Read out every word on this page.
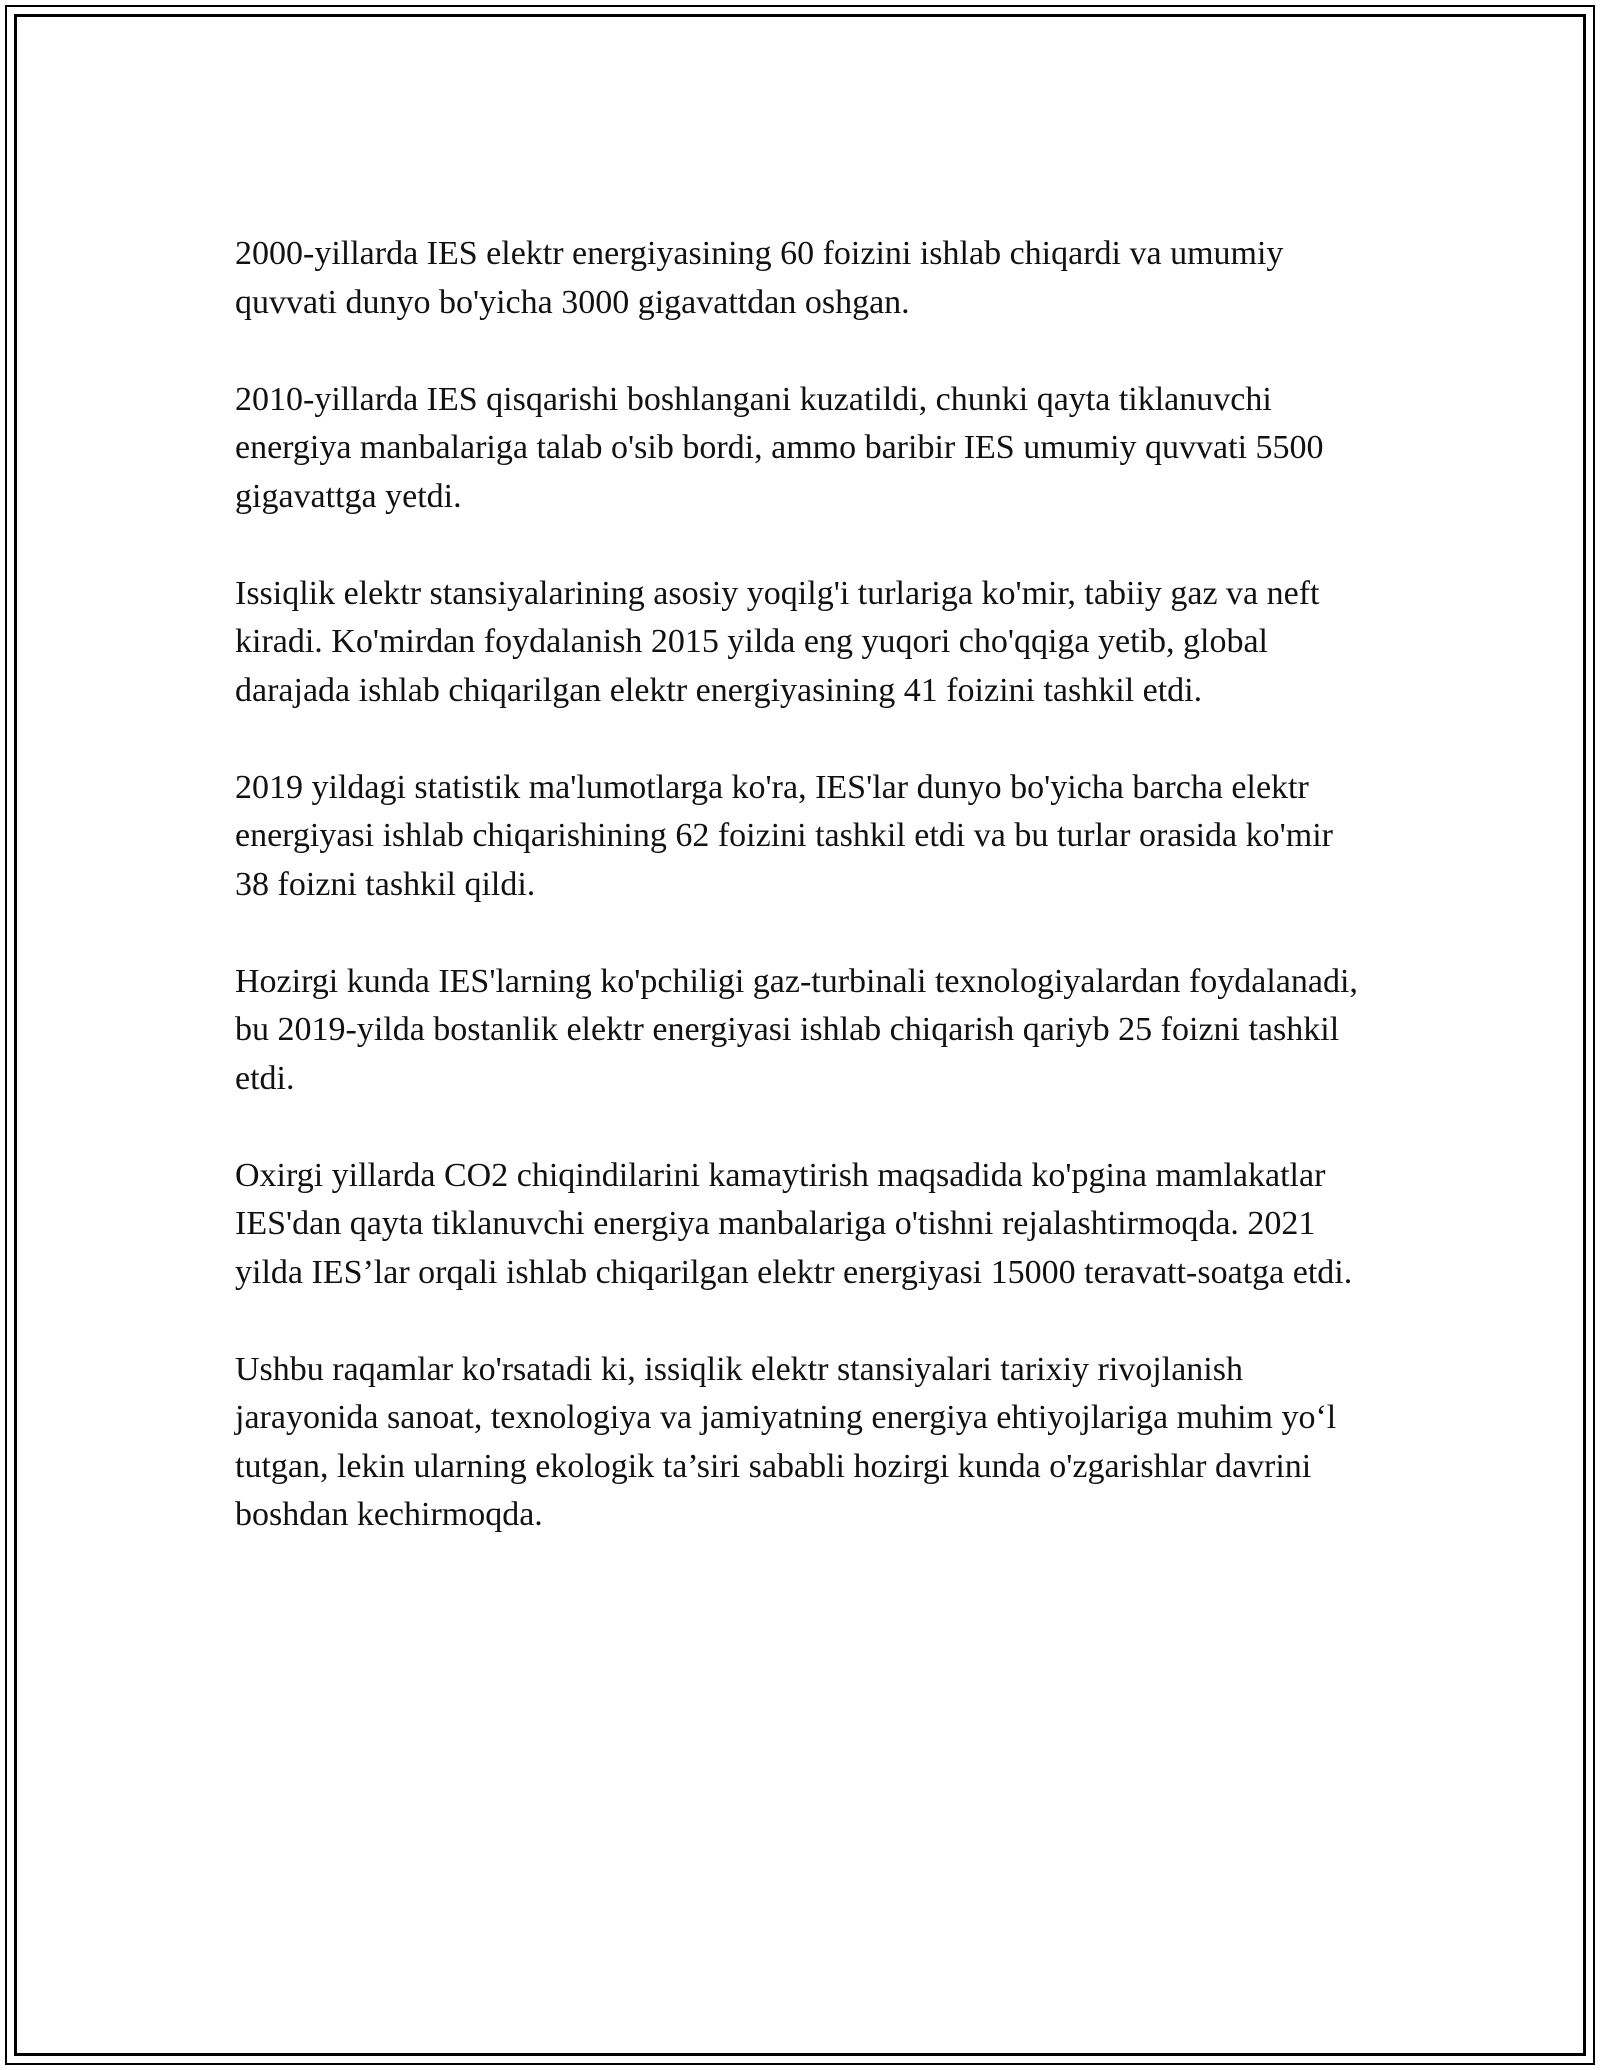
2000-yillarda IES elektr energiyasining 60 foizini ishlab chiqardi va umumiy quvvati dunyo bo'yicha 3000 gigavattdan oshgan.

2010-yillarda IES qisqarishi boshlangani kuzatildi, chunki qayta tiklanuvchi energiya manbalariga talab o'sib bordi, ammo baribir IES umumiy quvvati 5500 gigavattga yetdi.

Issiqlik elektr stansiyalarining asosiy yoqilg'i turlariga ko'mir, tabiiy gaz va neft kiradi. Ko'mirdan foydalanish 2015 yilda eng yuqori cho'qqiga yetib, global darajada ishlab chiqarilgan elektr energiyasining 41 foizini tashkil etdi.

2019 yildagi statistik ma'lumotlarga ko'ra, IES'lar dunyo bo'yicha barcha elektr energiyasi ishlab chiqarishining 62 foizini tashkil etdi va bu turlar orasida ko'mir 38 foizni tashkil qildi.

Hozirgi kunda IES'larning ko'pchiligi gaz-turbinali texnologiyalardan foydalanadi, bu 2019-yilda bostanlik elektr energiyasi ishlab chiqarish qariyb 25 foizni tashkil etdi.

Oxirgi yillarda CO2 chiqindilarini kamaytirish maqsadida ko'pgina mamlakatlar IES'dan qayta tiklanuvchi energiya manbalariga o'tishni rejalashtirmoqda. 2021 yilda IES’lar orqali ishlab chiqarilgan elektr energiyasi 15000 teravatt-soatga etdi.

Ushbu raqamlar ko'rsatadi ki, issiqlik elektr stansiyalari tarixiy rivojlanish jarayonida sanoat, texnologiya va jamiyatning energiya ehtiyojlariga muhim yo‘l tutgan, lekin ularning ekologik ta’siri sababli hozirgi kunda o'zgarishlar davrini boshdan kechirmoqda.
